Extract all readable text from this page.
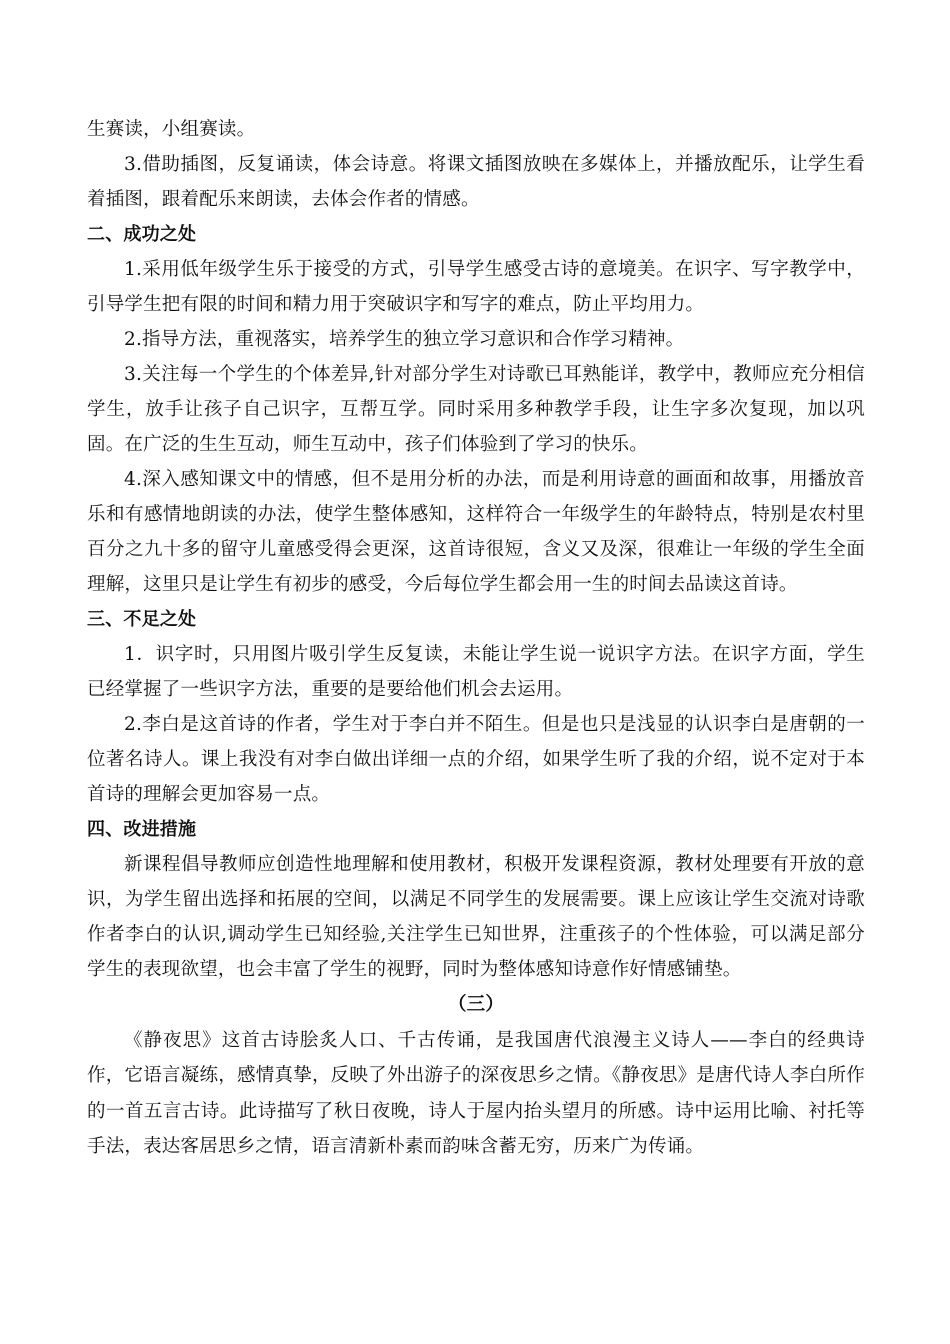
生赛读，小组赛读。

3.借助插图，反复诵读，体会诗意。将课文插图放映在多媒体上，并播放配乐，让学生看着插图，跟着配乐来朗读，去体会作者的情感。

二、成功之处

1.采用低年级学生乐于接受的方式，引导学生感受古诗的意境美。在识字、写字教学中，引导学生把有限的时间和精力用于突破识字和写字的难点，防止平均用力。

2.指导方法，重视落实，培养学生的独立学习意识和合作学习精神。

3.关注每一个学生的个体差异,针对部分学生对诗歌已耳熟能详，教学中，教师应充分相信学生，放手让孩子自己识字，互帮互学。同时采用多种教学手段，让生字多次复现，加以巩固。在广泛的生生互动，师生互动中，孩子们体验到了学习的快乐。

4.深入感知课文中的情感，但不是用分析的办法，而是利用诗意的画面和故事，用播放音乐和有感情地朗读的办法，使学生整体感知，这样符合一年级学生的年龄特点，特别是农村里百分之九十多的留守儿童感受得会更深，这首诗很短，含义又及深，很难让一年级的学生全面理解，这里只是让学生有初步的感受，今后每位学生都会用一生的时间去品读这首诗。

三、不足之处

1．识字时，只用图片吸引学生反复读，未能让学生说一说识字方法。在识字方面，学生已经掌握了一些识字方法，重要的是要给他们机会去运用。

2.李白是这首诗的作者，学生对于李白并不陌生。但是也只是浅显的认识李白是唐朝的一位著名诗人。课上我没有对李白做出详细一点的介绍，如果学生听了我的介绍，说不定对于本首诗的理解会更加容易一点。

四、改进措施

新课程倡导教师应创造性地理解和使用教材，积极开发课程资源，教材处理要有开放的意识，为学生留出选择和拓展的空间，以满足不同学生的发展需要。课上应该让学生交流对诗歌作者李白的认识,调动学生已知经验,关注学生已知世界，注重孩子的个性体验，可以满足部分学生的表现欲望，也会丰富了学生的视野，同时为整体感知诗意作好情感铺垫。

（三）

《静夜思》这首古诗脍炙人口、千古传诵，是我国唐代浪漫主义诗人——李白的经典诗作，它语言凝练，感情真挚，反映了外出游子的深夜思乡之情。《静夜思》是唐代诗人李白所作的一首五言古诗。此诗描写了秋日夜晚，诗人于屋内抬头望月的所感。诗中运用比喻、衬托等手法，表达客居思乡之情，语言清新朴素而韵味含蓄无穷，历来广为传诵。
